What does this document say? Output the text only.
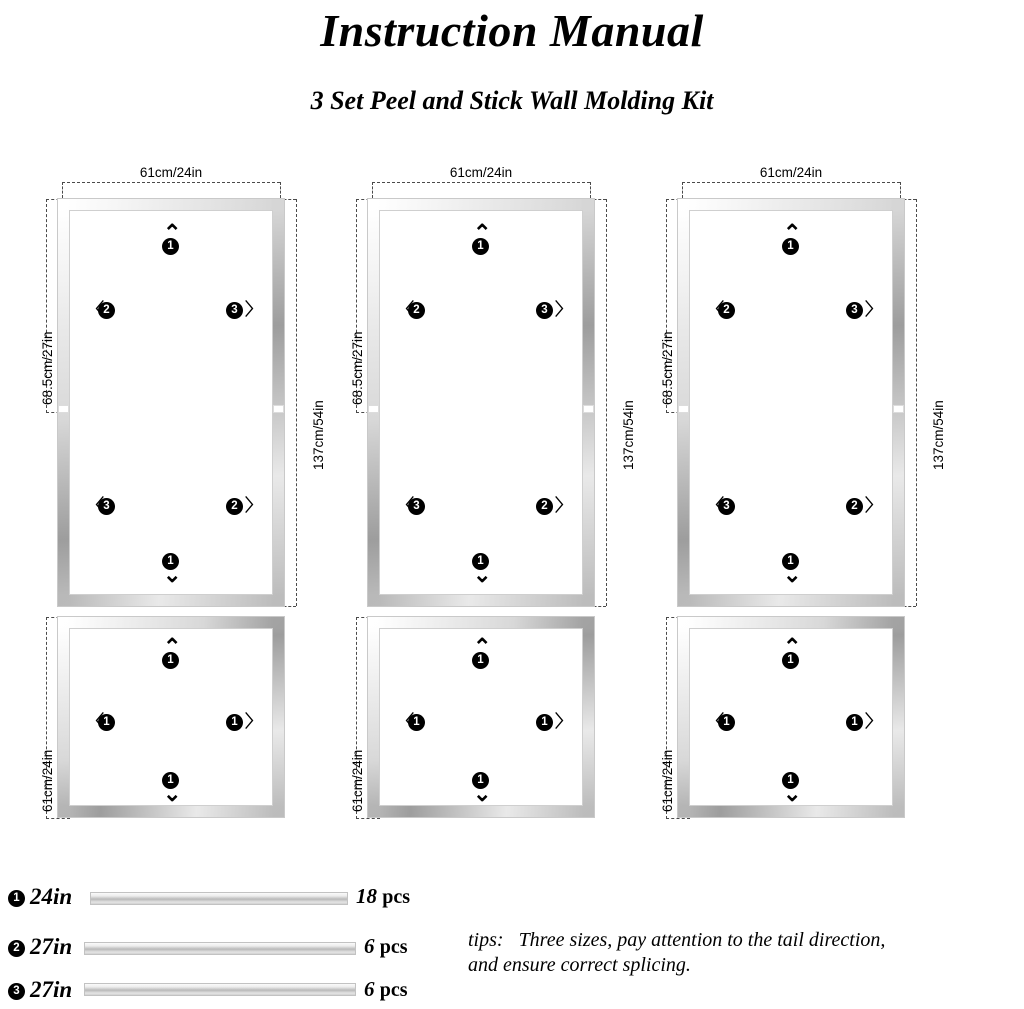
Instruction Manual
3 Set Peel and Stick Wall Molding Kit
61cm/24in
68.5cm/27in
137cm/54in
1
⌃
2 〈	3
〉
3 〈	2
〉
1
⌄
61cm/24in
68.5cm/27in
137cm/54in
1
⌃
2 〈	3
〉
3 〈	2
〉
1
⌄
61cm/24in
68.5cm/27in
137cm/54in
1
⌃
2 〈	3
〉
3 〈	2
〉
1
⌄
61cm/24in
1
⌃
1 〈	1
〉
1 ⌄	61cm/24in
1
⌃
1 〈	1
〉
1 ⌄	61cm/24in
1
⌃
1 〈	1
〉
1
⌄
1 24in	18 pcs
2 27in	6 pcs
3 27in	6 pcs
tips: Three sizes, pay attention to the tail direction,
and ensure correct splicing.
